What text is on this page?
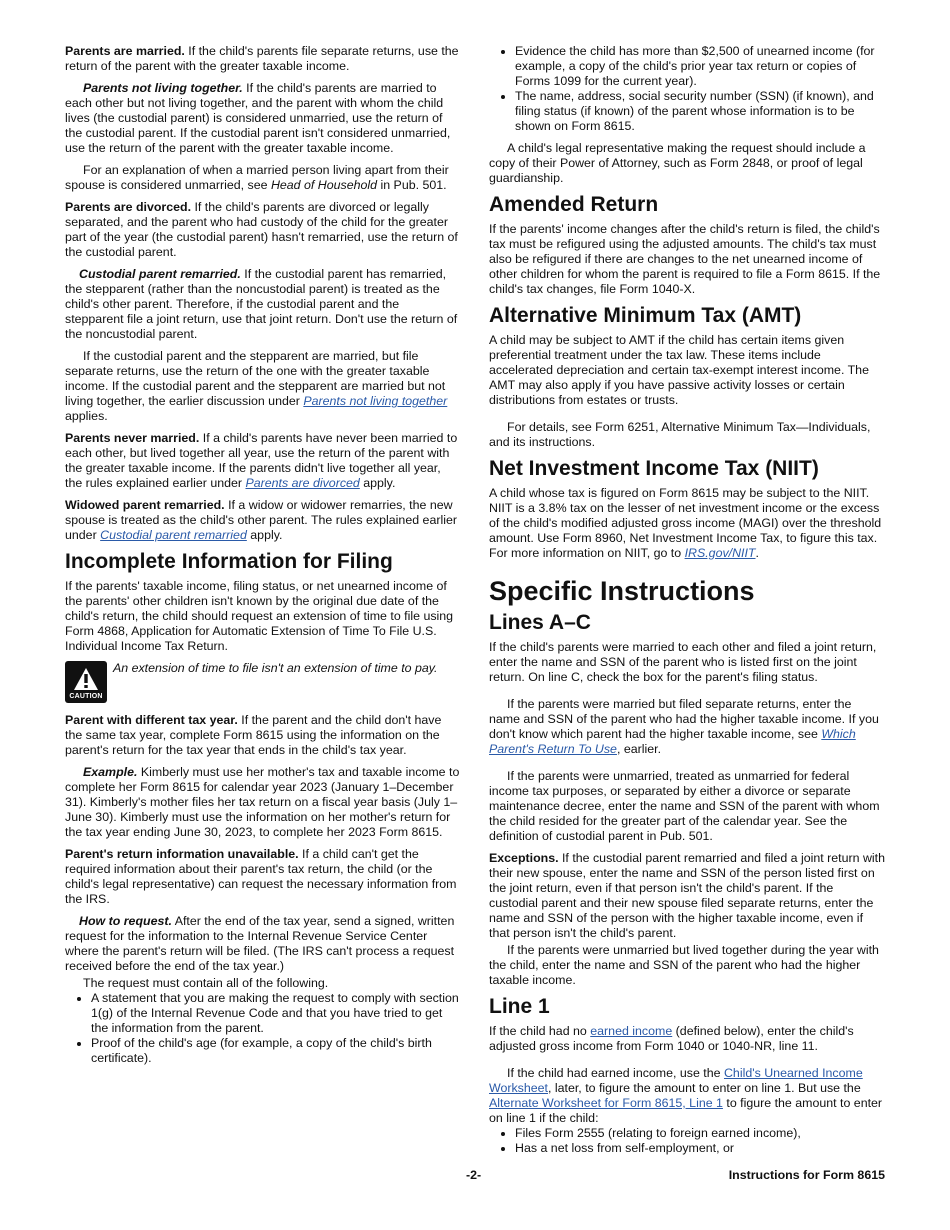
Parents are married. If the child's parents file separate returns, use the return of the parent with the greater taxable income.

Parents not living together. If the child's parents are married to each other but not living together, and the parent with whom the child lives (the custodial parent) is considered unmarried, use the return of the custodial parent. If the custodial parent isn't considered unmarried, use the return of the parent with the greater taxable income.

For an explanation of when a married person living apart from their spouse is considered unmarried, see Head of Household in Pub. 501.

Parents are divorced. If the child's parents are divorced or legally separated, and the parent who had custody of the child for the greater part of the year (the custodial parent) hasn't remarried, use the return of the custodial parent.

Custodial parent remarried. If the custodial parent has remarried, the stepparent (rather than the noncustodial parent) is treated as the child's other parent. Therefore, if the custodial parent and the stepparent file a joint return, use that joint return. Don't use the return of the noncustodial parent.

If the custodial parent and the stepparent are married, but file separate returns, use the return of the one with the greater taxable income. If the custodial parent and the stepparent are married but not living together, the earlier discussion under Parents not living together applies.

Parents never married. If a child's parents have never been married to each other, but lived together all year, use the return of the parent with the greater taxable income. If the parents didn't live together all year, the rules explained earlier under Parents are divorced apply.

Widowed parent remarried. If a widow or widower remarries, the new spouse is treated as the child's other parent. The rules explained earlier under Custodial parent remarried apply.

Incomplete Information for Filing

If the parents' taxable income, filing status, or net unearned income of the parents' other children isn't known by the original due date of the child's return, the child should request an extension of time to file using Form 4868, Application for Automatic Extension of Time To File U.S. Individual Income Tax Return.

CAUTION
An extension of time to file isn't an extension of time to pay.

Parent with different tax year. If the parent and the child don't have the same tax year, complete Form 8615 using the information on the parent's return for the tax year that ends in the child's tax year.

Example. Kimberly must use her mother's tax and taxable income to complete her Form 8615 for calendar year 2023 (January 1–December 31). Kimberly's mother files her tax return on a fiscal year basis (July 1–June 30). Kimberly must use the information on her mother's return for the tax year ending June 30, 2023, to complete her 2023 Form 8615.

Parent's return information unavailable. If a child can't get the required information about their parent's tax return, the child (or the child's legal representative) can request the necessary information from the IRS.

How to request. After the end of the tax year, send a signed, written request for the information to the Internal Revenue Service Center where the parent's return will be filed. (The IRS can't process a request received before the end of the tax year.)

The request must contain all of the following.

• A statement that you are making the request to comply with section 1(g) of the Internal Revenue Code and that you have tried to get the information from the parent.
• Proof of the child's age (for example, a copy of the child's birth certificate).
• Evidence the child has more than $2,500 of unearned income (for example, a copy of the child's prior year tax return or copies of Forms 1099 for the current year).
• The name, address, social security number (SSN) (if known), and filing status (if known) of the parent whose information is to be shown on Form 8615.

A child's legal representative making the request should include a copy of their Power of Attorney, such as Form 2848, or proof of legal guardianship.

Amended Return

If the parents' income changes after the child's return is filed, the child's tax must be refigured using the adjusted amounts. The child's tax must also be refigured if there are changes to the net unearned income of other children for whom the parent is required to file a Form 8615. If the child's tax changes, file Form 1040-X.

Alternative Minimum Tax (AMT)

A child may be subject to AMT if the child has certain items given preferential treatment under the tax law. These items include accelerated depreciation and certain tax-exempt interest income. The AMT may also apply if you have passive activity losses or certain distributions from estates or trusts.

For details, see Form 6251, Alternative Minimum Tax—Individuals, and its instructions.

Net Investment Income Tax (NIIT)

A child whose tax is figured on Form 8615 may be subject to the NIIT. NIIT is a 3.8% tax on the lesser of net investment income or the excess of the child's modified adjusted gross income (MAGI) over the threshold amount. Use Form 8960, Net Investment Income Tax, to figure this tax. For more information on NIIT, go to IRS.gov/NIIT.

Specific Instructions
Lines A–C

If the child's parents were married to each other and filed a joint return, enter the name and SSN of the parent who is listed first on the joint return. On line C, check the box for the parent's filing status.

If the parents were married but filed separate returns, enter the name and SSN of the parent who had the higher taxable income. If you don't know which parent had the higher taxable income, see Which Parent's Return To Use, earlier.

If the parents were unmarried, treated as unmarried for federal income tax purposes, or separated by either a divorce or separate maintenance decree, enter the name and SSN of the parent with whom the child resided for the greater part of the calendar year. See the definition of custodial parent in Pub. 501.

Exceptions. If the custodial parent remarried and filed a joint return with their new spouse, enter the name and SSN of the person listed first on the joint return, even if that person isn't the child's parent. If the custodial parent and their new spouse filed separate returns, enter the name and SSN of the person with the higher taxable income, even if that person isn't the child's parent.

If the parents were unmarried but lived together during the year with the child, enter the name and SSN of the parent who had the higher taxable income.

Line 1

If the child had no earned income (defined below), enter the child's adjusted gross income from Form 1040 or 1040-NR, line 11.

If the child had earned income, use the Child's Unearned Income Worksheet, later, to figure the amount to enter on line 1. But use the Alternate Worksheet for Form 8615, Line 1 to figure the amount to enter on line 1 if the child:

• Files Form 2555 (relating to foreign earned income),
• Has a net loss from self-employment, or
-2-	Instructions for Form 8615
